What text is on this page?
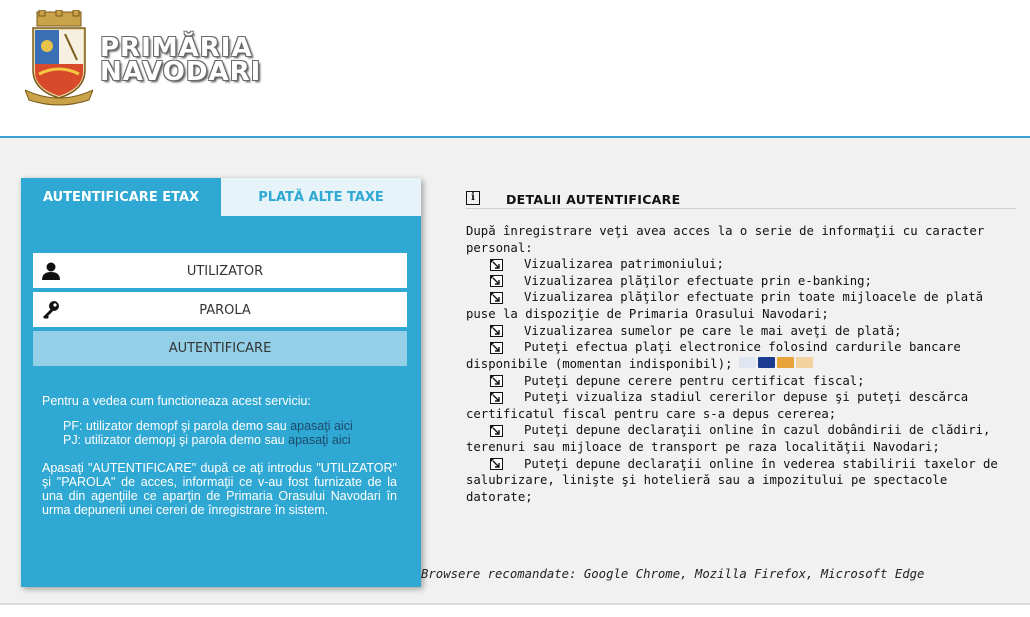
PRIMĂRIA
NAVODARI
AUTENTIFICARE ETAX	PLATĂ ALTE TAXE
UTILIZATOR
AUTENTIFICARE
Pentru a vedea cum functioneaza acest serviciu:
PF: utilizator demopf şi parola demo sau apasaţi aici
PJ: utilizator demopj şi parola demo sau apasaţi aici
Apasaţi "AUTENTIFICARE" după ce aţi introdus "UTILIZATOR" şi "PAROLA" de acces, informaţii ce v-au fost furnizate de la una din agenţiile ce aparţin de Primaria Orasului Navodari în urma depunerii unei cereri de înregistrare în sistem.
i	DETALII AUTENTIFICARE
După înregistrare veţi avea acces la o serie de informaţii cu caracter personal:
Vizualizarea patrimoniului;
Vizualizarea plăţilor efectuate prin e-banking;
Vizualizarea plăţilor efectuate prin toate mijloacele de plată puse la dispoziţie de Primaria Orasului Navodari;
Vizualizarea sumelor pe care le mai aveţi de plată;
Puteţi efectua plaţi electronice folosind cardurile bancare disponibile (momentan indisponibil);
Puteţi depune cerere pentru certificat fiscal;
Puteţi vizualiza stadiul cererilor depuse şi puteţi descărca certificatul fiscal pentru care s-a depus cererea;
Puteţi depune declaraţii online în cazul dobândirii de clădiri, terenuri sau mijloace de transport pe raza localităţii Navodari;
Puteţi depune declaraţii online în vederea stabilirii taxelor de salubrizare, linişte şi hotelieră sau a impozitului pe spectacole datorate;
Browsere recomandate: Google Chrome, Mozilla Firefox, Microsoft Edge
